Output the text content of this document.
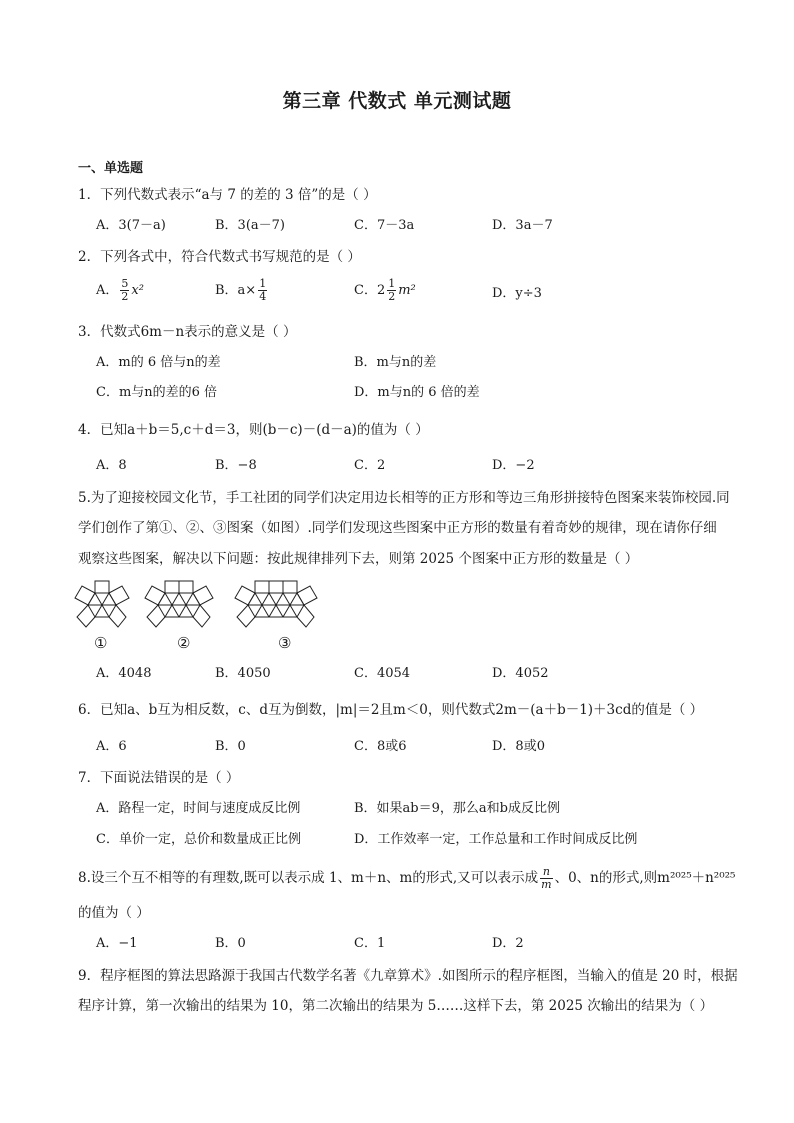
第三章 代数式 单元测试题
一、单选题
1．下列代数式表示“a与 7 的差的 3 倍”的是（ ）
A．3(7－a)	B．3(a－7)	C．7－3a	D．3a－7
2．下列各式中，符合代数式书写规范的是（ ）
A． $\frac{5}{2} x^2$	B．$a\times \frac{1}{4}$	C．$2 \frac{1}{2} m^2$	D．y÷3
3．代数式6m－n表示的意义是（ ）
A．m的 6 倍与n的差	B．m与n的差
C．m与n的差的6 倍	D．m与n的 6 倍的差
4．已知a＋b＝5,c＋d＝3，则(b－c)－(d－a)的值为（ ）
A．8	B．−8	C．2	D．−2
5.为了迎接校园文化节，手工社团的同学们决定用边长相等的正方形和等边三角形拼接特色图案来装饰校园.同
学们创作了第①、②、③图案（如图）.同学们发现这些图案中正方形的数量有着奇妙的规律，现在请你仔细
观察这些图案，解决以下问题：按此规律排列下去，则第 2025 个图案中正方形的数量是（ ）
①	②	③
A．4048	B．4050	C．4054	D．4052
6．已知a、b互为相反数，c、d互为倒数，|m|＝2且m＜0，则代数式2m－(a＋b－1)＋3cd的值是（ ）
A．6	B．0	C．8或6	D．8或0
7．下面说法错误的是（ ）
A．路程一定，时间与速度成反比例	B．如果ab＝9，那么a和b成反比例
C．单价一定，总价和数量成正比例	D．工作效率一定，工作总量和工作时间成反比例
8.设三个互不相等的有理数,既可以表示成 1、m＋n、m的形式,又可以表示成 $\frac{n}{m}$ 、0、n的形式,则m²⁰²⁵＋n²⁰²⁵
的值为（ ）
A．−1	B．0	C．1	D．2
9．程序框图的算法思路源于我国古代数学名著《九章算术》.如图所示的程序框图，当输入的值是 20 时，根据
程序计算，第一次输出的结果为 10，第二次输出的结果为 5……这样下去，第 2025 次输出的结果为（ ）
